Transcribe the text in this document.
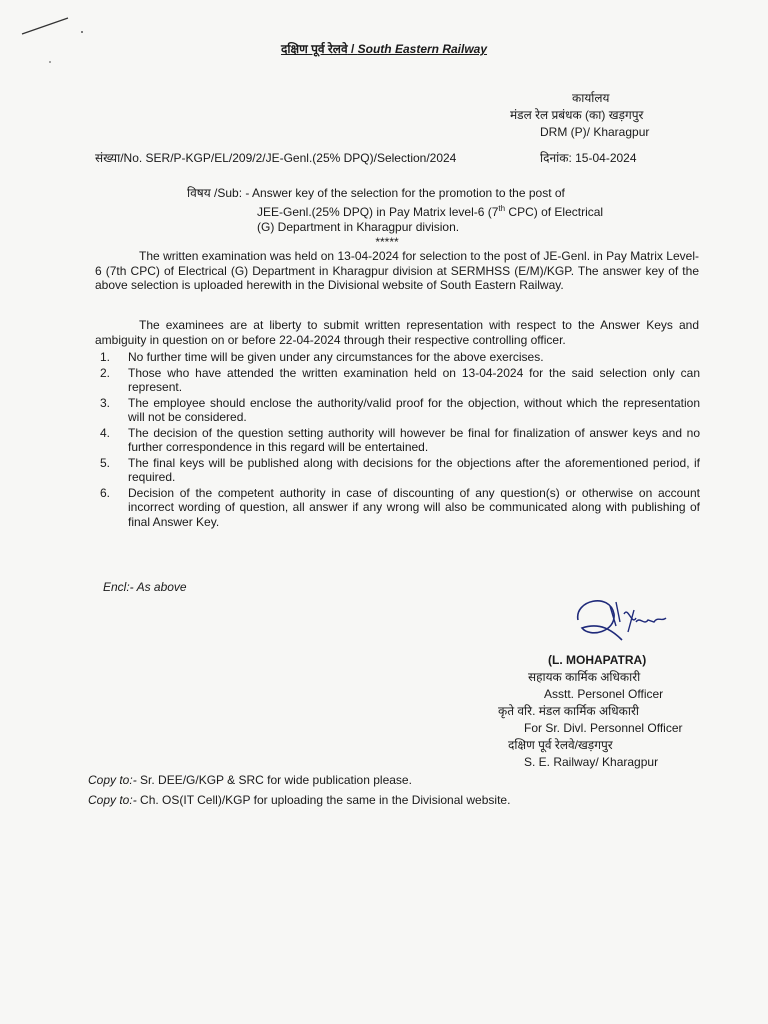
दक्षिण पूर्व रेलवे / South Eastern Railway
कार्यालय
मंडल रेल प्रबंधक (का) खड़गपुर
DRM (P)/ Kharagpur
संख्या/No. SER/P-KGP/EL/209/2/JE-Genl.(25% DPQ)/Selection/2024	दिनांक: 15-04-2024
विषय /Sub: - Answer key of the selection for the promotion to the post of
JEE-Genl.(25% DPQ) in Pay Matrix level-6 (7th CPC) of Electrical
(G) Department in Kharagpur division.
*****
The written examination was held on 13-04-2024 for selection to the post of JE-Genl. in Pay Matrix Level-6 (7th CPC) of Electrical (G) Department in Kharagpur division at SERMHSS (E/M)/KGP. The answer key of the above selection is uploaded herewith in the Divisional website of South Eastern Railway.
The examinees are at liberty to submit written representation with respect to the Answer Keys and ambiguity in question on or before 22-04-2024 through their respective controlling officer.
1.	No further time will be given under any circumstances for the above exercises.
2.	Those who have attended the written examination held on 13-04-2024 for the said selection only can represent.
3.	The employee should enclose the authority/valid proof for the objection, without which the representation will not be considered.
4.	The decision of the question setting authority will however be final for finalization of answer keys and no further correspondence in this regard will be entertained.
5.	The final keys will be published along with decisions for the objections after the aforementioned period, if required.
6.	Decision of the competent authority in case of discounting of any question(s) or otherwise on account incorrect wording of question, all answer if any wrong will also be communicated along with publishing of final Answer Key.
Encl:- As above
(L. MOHAPATRA)
सहायक कार्मिक अधिकारी
Asstt. Personel Officer
कृते वरि. मंडल कार्मिक अधिकारी
For Sr. Divl. Personnel Officer
दक्षिण पूर्व रेलवे/खड़गपुर
S. E. Railway/ Kharagpur
Copy to:- Sr. DEE/G/KGP & SRC for wide publication please.
Copy to:- Ch. OS(IT Cell)/KGP for uploading the same in the Divisional website.
